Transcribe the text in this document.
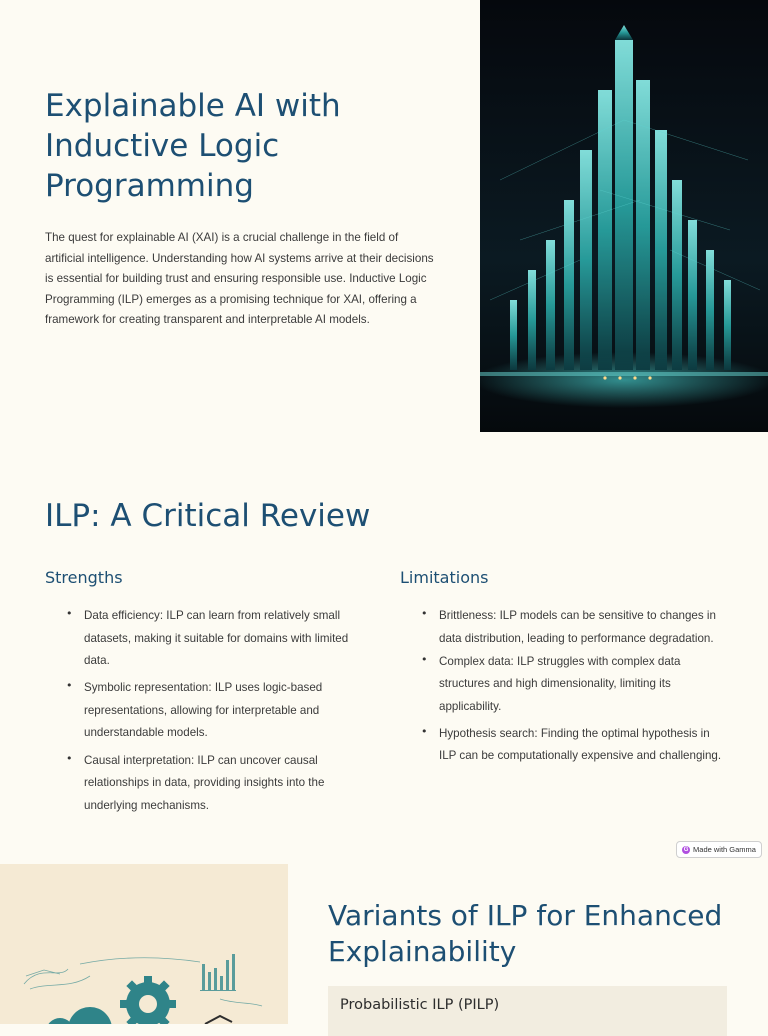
Explainable AI with Inductive Logic Programming

The quest for explainable AI (XAI) is a crucial challenge in the field of artificial intelligence. Understanding how AI systems arrive at their decisions is essential for building trust and ensuring responsible use. Inductive Logic Programming (ILP) emerges as a promising technique for XAI, offering a framework for creating transparent and interpretable AI models.

ILP: A Critical Review
Strengths
• Data efficiency: ILP can learn from relatively small datasets, making it suitable for domains with limited data.
• Symbolic representation: ILP uses logic-based representations, allowing for interpretable and understandable models.
• Causal interpretation: ILP can uncover causal relationships in data, providing insights into the underlying mechanisms.
Limitations
• Brittleness: ILP models can be sensitive to changes in data distribution, leading to performance degradation.
• Complex data: ILP struggles with complex data structures and high dimensionality, limiting its applicability.
• Hypothesis search: Finding the optimal hypothesis in ILP can be computationally expensive and challenging.
G Made with Gamma
Variants of ILP for Enhanced Explainability
Probabilistic ILP (PILP)
